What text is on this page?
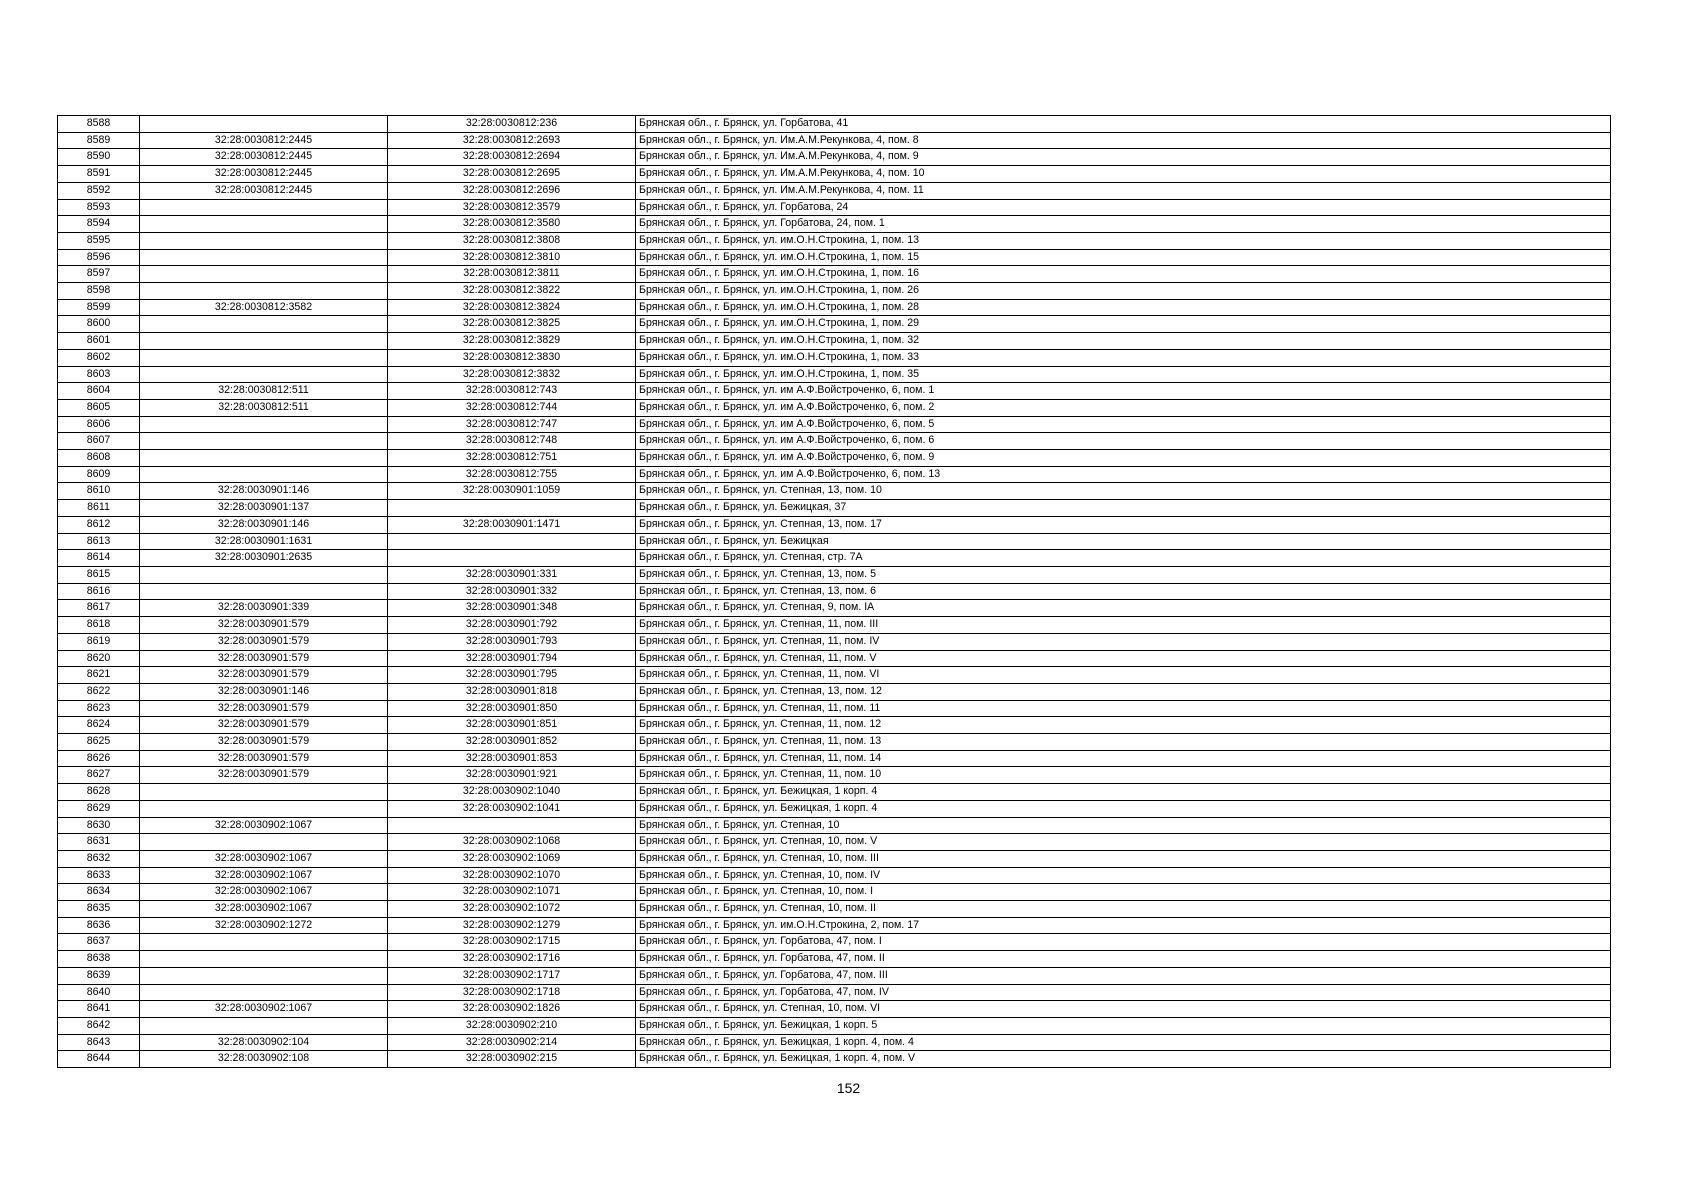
8588		32:28:0030812:236	Брянская обл., г. Брянск, ул. Горбатова, 41
8589	32:28:0030812:2445	32:28:0030812:2693	Брянская обл., г. Брянск, ул. Им.А.М.Рекункова, 4, пом. 8
8590	32:28:0030812:2445	32:28:0030812:2694	Брянская обл., г. Брянск, ул. Им.А.М.Рекункова, 4, пом. 9
8591	32:28:0030812:2445	32:28:0030812:2695	Брянская обл., г. Брянск, ул. Им.А.М.Рекункова, 4, пом. 10
8592	32:28:0030812:2445	32:28:0030812:2696	Брянская обл., г. Брянск, ул. Им.А.М.Рекункова, 4, пом. 11
8593		32:28:0030812:3579	Брянская обл., г. Брянск, ул. Горбатова, 24
8594		32:28:0030812:3580	Брянская обл., г. Брянск, ул. Горбатова, 24, пом. 1
8595		32:28:0030812:3808	Брянская обл., г. Брянск, ул. им.О.Н.Строкина, 1, пом. 13
8596		32:28:0030812:3810	Брянская обл., г. Брянск, ул. им.О.Н.Строкина, 1, пом. 15
8597		32:28:0030812:3811	Брянская обл., г. Брянск, ул. им.О.Н.Строкина, 1, пом. 16
8598		32:28:0030812:3822	Брянская обл., г. Брянск, ул. им.О.Н.Строкина, 1, пом. 26
8599	32:28:0030812:3582	32:28:0030812:3824	Брянская обл., г. Брянск, ул. им.О.Н.Строкина, 1, пом. 28
8600		32:28:0030812:3825	Брянская обл., г. Брянск, ул. им.О.Н.Строкина, 1, пом. 29
8601		32:28:0030812:3829	Брянская обл., г. Брянск, ул. им.О.Н.Строкина, 1, пом. 32
8602		32:28:0030812:3830	Брянская обл., г. Брянск, ул. им.О.Н.Строкина, 1, пом. 33
8603		32:28:0030812:3832	Брянская обл., г. Брянск, ул. им.О.Н.Строкина, 1, пом. 35
8604	32:28:0030812:511	32:28:0030812:743	Брянская обл., г. Брянск, ул. им А.Ф.Войстроченко, 6, пом. 1
8605	32:28:0030812:511	32:28:0030812:744	Брянская обл., г. Брянск, ул. им А.Ф.Войстроченко, 6, пом. 2
8606		32:28:0030812:747	Брянская обл., г. Брянск, ул. им А.Ф.Войстроченко, 6, пом. 5
8607		32:28:0030812:748	Брянская обл., г. Брянск, ул. им А.Ф.Войстроченко, 6, пом. 6
8608		32:28:0030812:751	Брянская обл., г. Брянск, ул. им А.Ф.Войстроченко, 6, пом. 9
8609		32:28:0030812:755	Брянская обл., г. Брянск, ул. им А.Ф.Войстроченко, 6, пом. 13
8610	32:28:0030901:146	32:28:0030901:1059	Брянская обл., г. Брянск, ул. Степная, 13, пом. 10
8611	32:28:0030901:137		Брянская обл., г. Брянск, ул. Бежицкая, 37
8612	32:28:0030901:146	32:28:0030901:1471	Брянская обл., г. Брянск, ул. Степная, 13, пом. 17
8613	32:28:0030901:1631		Брянская обл., г. Брянск, ул. Бежицкая
8614	32:28:0030901:2635		Брянская обл., г. Брянск, ул. Степная, стр. 7А
8615		32:28:0030901:331	Брянская обл., г. Брянск, ул. Степная, 13, пом. 5
8616		32:28:0030901:332	Брянская обл., г. Брянск, ул. Степная, 13, пом. 6
8617	32:28:0030901:339	32:28:0030901:348	Брянская обл., г. Брянск, ул. Степная, 9, пом. IA
8618	32:28:0030901:579	32:28:0030901:792	Брянская обл., г. Брянск, ул. Степная, 11, пом. III
8619	32:28:0030901:579	32:28:0030901:793	Брянская обл., г. Брянск, ул. Степная, 11, пом. IV
8620	32:28:0030901:579	32:28:0030901:794	Брянская обл., г. Брянск, ул. Степная, 11, пом. V
8621	32:28:0030901:579	32:28:0030901:795	Брянская обл., г. Брянск, ул. Степная, 11, пом. VI
8622	32:28:0030901:146	32:28:0030901:818	Брянская обл., г. Брянск, ул. Степная, 13, пом. 12
8623	32:28:0030901:579	32:28:0030901:850	Брянская обл., г. Брянск, ул. Степная, 11, пом. 11
8624	32:28:0030901:579	32:28:0030901:851	Брянская обл., г. Брянск, ул. Степная, 11, пом. 12
8625	32:28:0030901:579	32:28:0030901:852	Брянская обл., г. Брянск, ул. Степная, 11, пом. 13
8626	32:28:0030901:579	32:28:0030901:853	Брянская обл., г. Брянск, ул. Степная, 11, пом. 14
8627	32:28:0030901:579	32:28:0030901:921	Брянская обл., г. Брянск, ул. Степная, 11, пом. 10
8628		32:28:0030902:1040	Брянская обл., г. Брянск, ул. Бежицкая, 1 корп. 4
8629		32:28:0030902:1041	Брянская обл., г. Брянск, ул. Бежицкая, 1 корп. 4
8630	32:28:0030902:1067		Брянская обл., г. Брянск, ул. Степная, 10
8631		32:28:0030902:1068	Брянская обл., г. Брянск, ул. Степная, 10, пом. V
8632	32:28:0030902:1067	32:28:0030902:1069	Брянская обл., г. Брянск, ул. Степная, 10, пом. III
8633	32:28:0030902:1067	32:28:0030902:1070	Брянская обл., г. Брянск, ул. Степная, 10, пом. IV
8634	32:28:0030902:1067	32:28:0030902:1071	Брянская обл., г. Брянск, ул. Степная, 10, пом. I
8635	32:28:0030902:1067	32:28:0030902:1072	Брянская обл., г. Брянск, ул. Степная, 10, пом. II
8636	32:28:0030902:1272	32:28:0030902:1279	Брянская обл., г. Брянск, ул. им.О.Н.Строкина, 2, пом. 17
8637		32:28:0030902:1715	Брянская обл., г. Брянск, ул. Горбатова, 47, пом. I
8638		32:28:0030902:1716	Брянская обл., г. Брянск, ул. Горбатова, 47, пом. II
8639		32:28:0030902:1717	Брянская обл., г. Брянск, ул. Горбатова, 47, пом. III
8640		32:28:0030902:1718	Брянская обл., г. Брянск, ул. Горбатова, 47, пом. IV
8641	32:28:0030902:1067	32:28:0030902:1826	Брянская обл., г. Брянск, ул. Степная, 10, пом. VI
8642		32:28:0030902:210	Брянская обл., г. Брянск, ул. Бежицкая, 1 корп. 5
8643	32:28:0030902:104	32:28:0030902:214	Брянская обл., г. Брянск, ул. Бежицкая, 1 корп. 4, пом. 4
8644	32:28:0030902:108	32:28:0030902:215	Брянская обл., г. Брянск, ул. Бежицкая, 1 корп. 4, пом. V
152
